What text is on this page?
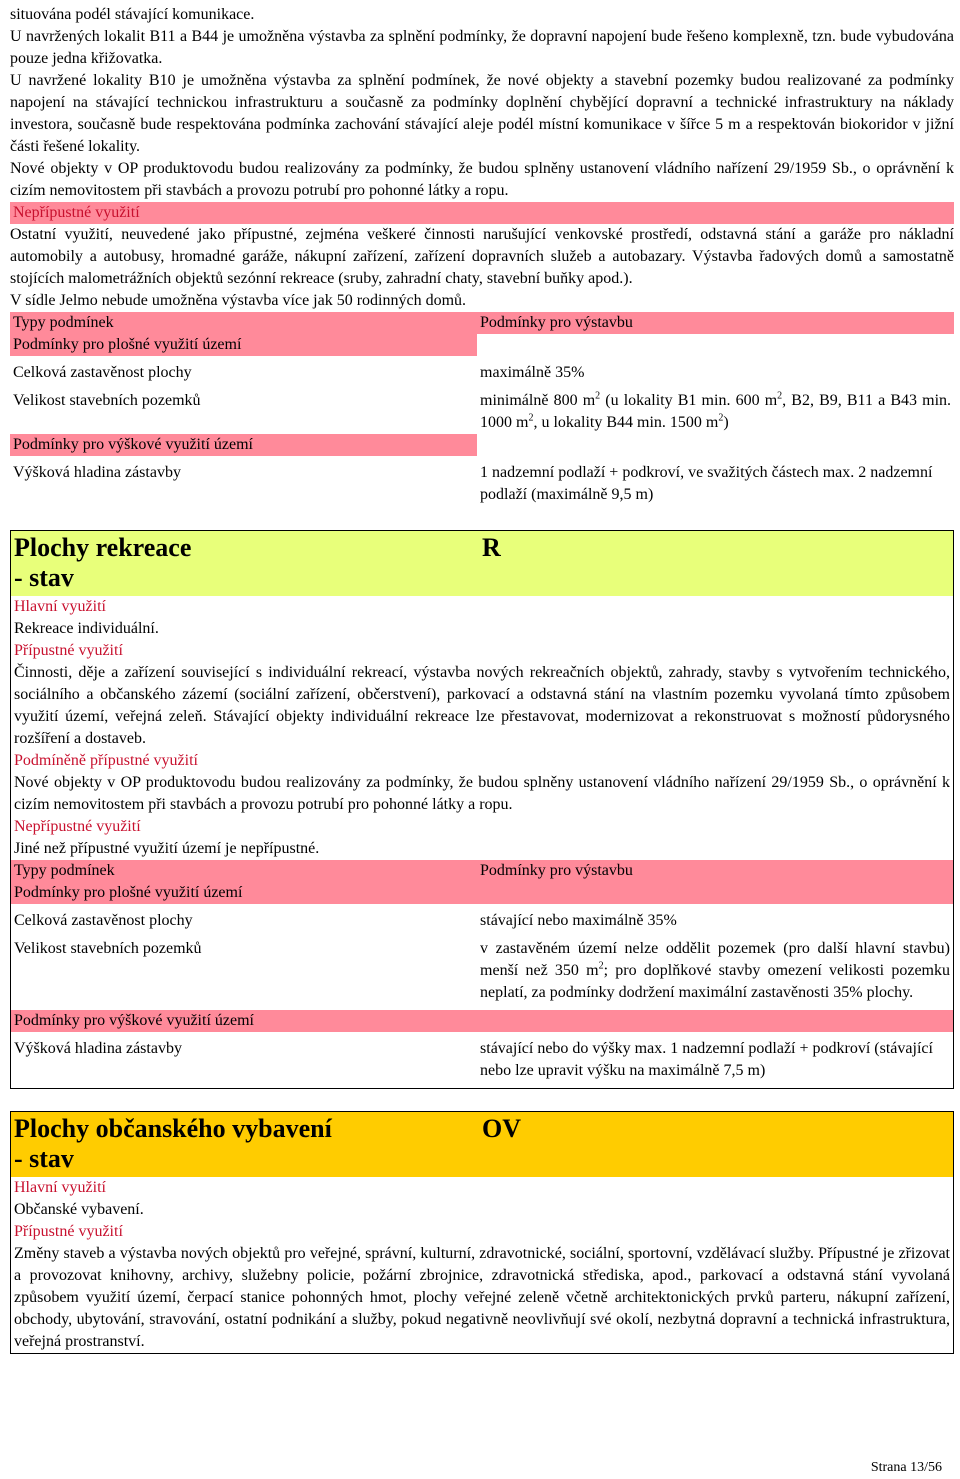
situována podél stávající komunikace.

U navržených lokalit B11 a B44 je umožněna výstavba za splnění podmínky, že dopravní napojení bude řešeno komplexně, tzn. bude vybudována pouze jedna křižovatka.

U navržené lokality B10 je umožněna výstavba za splnění podmínek, že nové objekty a stavební pozemky budou realizované za podmínky napojení na stávající technickou infrastrukturu a současně za podmínky doplnění chybějící dopravní a technické infrastruktury na náklady investora, současně bude respektována podmínka zachování stávající aleje podél místní komunikace v šířce 5 m a respektován biokoridor v jižní části řešené lokality.

Nové objekty v OP produktovodu budou realizovány za podmínky, že budou splněny ustanovení vládního nařízení 29/1959 Sb., o oprávnění k cizím nemovitostem při stavbách a provozu potrubí pro pohonné látky a ropu.

Nepřípustné využití

Ostatní využití, neuvedené jako přípustné, zejména veškeré činnosti narušující venkovské prostředí, odstavná stání a garáže pro nákladní automobily a autobusy, hromadné garáže, nákupní zařízení, zařízení dopravních služeb a autobazary. Výstavba řadových domů a samostatně stojících malometrážních objektů sezónní rekreace (sruby, zahradní chaty, stavební buňky apod.).

V sídle Jelmo nebude umožněna výstavba více jak 50 rodinných domů.

Typy podmínek	Podmínky pro výstavbu
Podmínky pro plošné využití území	

Celková zastavěnost plochy	maximálně 35%

Velikost stavebních pozemků	minimálně 800 $m^2$ (u lokality B1 min. 600 $m^2$, B2, B9, B11 a B43 min. 1000 $m^2$, u lokality B44 min. 1500 $m^2$)
Podmínky pro výškové využití území	

Výšková hladina zástavby	1 nadzemní podlaží + podkroví, ve svažitých částech max. 2 nadzemní podlaží (maximálně 9,5 m)
Plochy rekreace
- stav
R

Hlavní využití

Rekreace individuální.

Přípustné využití

Činnosti, děje a zařízení související s individuální rekreací, výstavba nových rekreačních objektů, zahrady, stavby s vytvořením technického, sociálního a občanského zázemí (sociální zařízení, občerstvení), parkovací a odstavná stání na vlastním pozemku vyvolaná tímto způsobem využití území, veřejná zeleň. Stávající objekty individuální rekreace lze přestavovat, modernizovat a rekonstruovat s možností půdorysného rozšíření a dostaveb.

Podmíněně přípustné využití

Nové objekty v OP produktovodu budou realizovány za podmínky, že budou splněny ustanovení vládního nařízení 29/1959 Sb., o oprávnění k cizím nemovitostem při stavbách a provozu potrubí pro pohonné látky a ropu.

Nepřípustné využití

Jiné než přípustné využití území je nepřípustné.

Typy podmínek	Podmínky pro výstavbu
Podmínky pro plošné využití území	

Celková zastavěnost plochy	stávající nebo maximálně 35%

Velikost stavebních pozemků	v zastavěném území nelze oddělit pozemek (pro další hlavní stavbu) menší než 350 $m^2$; pro doplňkové stavby omezení velikosti pozemku neplatí, za podmínky dodržení maximální zastavěnosti 35% plochy.

Podmínky pro výškové využití území	

Výšková hladina zástavby	stávající nebo do výšky max. 1 nadzemní podlaží + podkroví (stávající nebo lze upravit výšku na maximálně 7,5 m)

Plochy občanského vybavení
- stav
OV

Hlavní využití

Občanské vybavení.

Přípustné využití

Změny staveb a výstavba nových objektů pro veřejné, správní, kulturní, zdravotnické, sociální, sportovní, vzdělávací služby. Přípustné je zřizovat a provozovat knihovny, archivy, služebny policie, požární zbrojnice, zdravotnická střediska, apod., parkovací a odstavná stání vyvolaná způsobem využití území, čerpací stanice pohonných hmot, plochy veřejné zeleně včetně architektonických prvků parteru, nákupní zařízení, obchody, ubytování, stravování, ostatní podnikání a služby, pokud negativně neovlivňují své okolí, nezbytná dopravní a technická infrastruktura, veřejná prostranství.

Strana 13/56
